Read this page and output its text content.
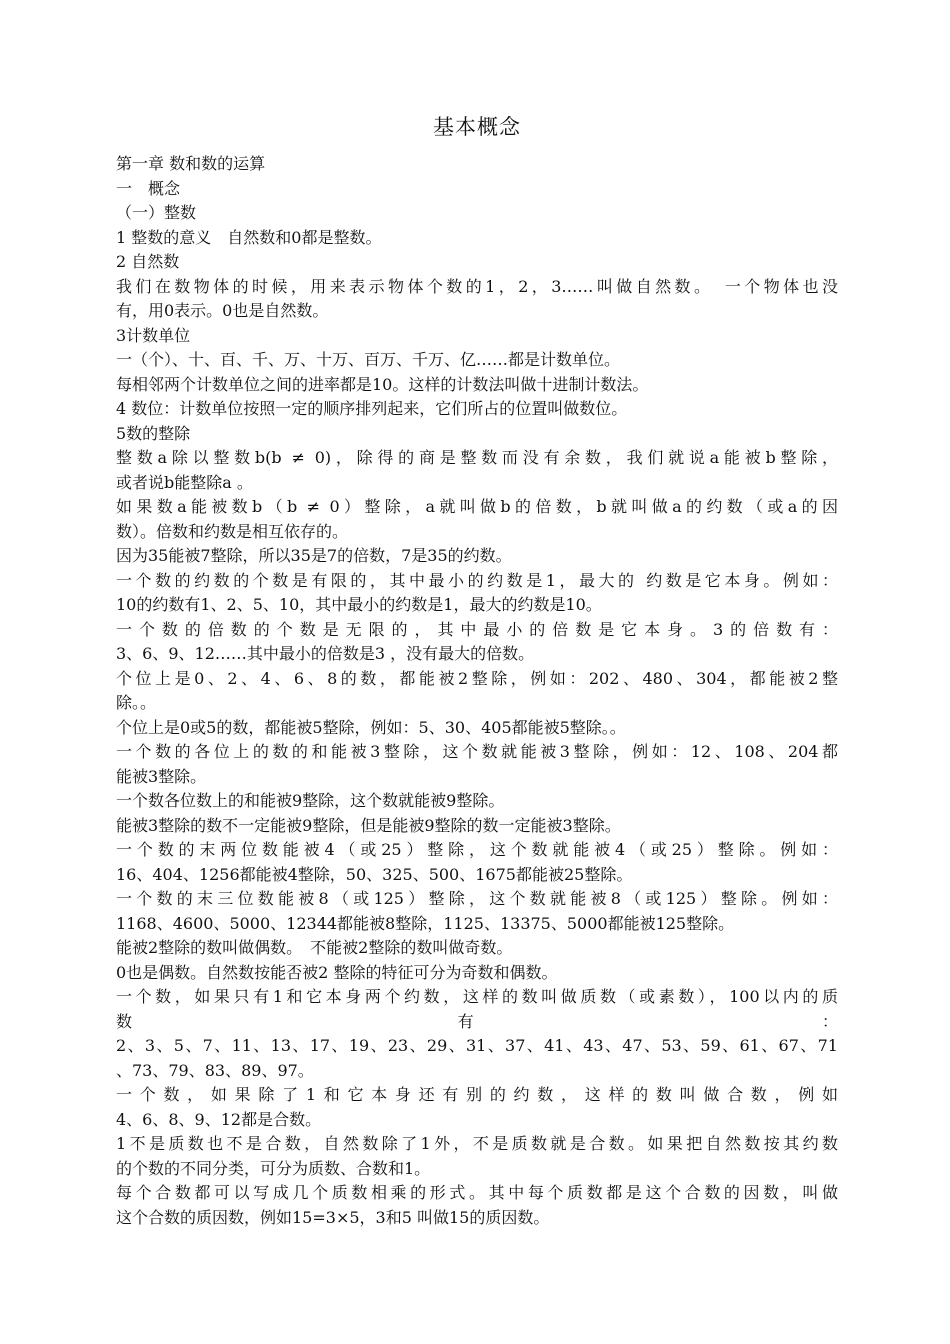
基本概念

第一章 数和数的运算

一　概念

（一）整数

1 整数的意义　自然数和0都是整数。

2 自然数

我们在数物体的时候，用来表示物体个数的1，2，3……叫做自然数。　一个物体也没

有，用0表示。0也是自然数。

3计数单位

一（个）、十、百、千、万、十万、百万、千万、亿……都是计数单位。

每相邻两个计数单位之间的进率都是10。这样的计数法叫做十进制计数法。

4 数位：计数单位按照一定的顺序排列起来，它们所占的位置叫做数位。

5数的整除

整数a除以整数b(b ≠ 0)，除得的商是整数而没有余数，我们就说a能被b整除，

或者说b能整除a 。

如果数a能被数b（b ≠ 0）整除，a就叫做b的倍数，b就叫做a的约数（或a的因

数）。倍数和约数是相互依存的。

因为35能被7整除，所以35是7的倍数，7是35的约数。

一个数的约数的个数是有限的，其中最小的约数是1，最大的 约数是它本身。例如：

10的约数有1、2、5、10，其中最小的约数是1，最大的约数是10。

一个数的倍数的个数是无限的，其中最小的倍数是它本身。3的倍数有：

3、6、9、12……其中最小的倍数是3 ，没有最大的倍数。

个位上是0、2、4、6、8的数，都能被2整除，例如：202、480、304，都能被2整

除。。

个位上是0或5的数，都能被5整除，例如：5、30、405都能被5整除。。

一个数的各位上的数的和能被3整除，这个数就能被3整除，例如：12、108、204都

能被3整除。

一个数各位数上的和能被9整除，这个数就能被9整除。

能被3整除的数不一定能被9整除，但是能被9整除的数一定能被3整除。

一个数的末两位数能被4（或25）整除，这个数就能被4（或25）整除。例如：

16、404、1256都能被4整除，50、325、500、1675都能被25整除。

一个数的末三位数能被8（或125）整除，这个数就能被8（或125）整除。例如：

1168、4600、5000、12344都能被8整除，1125、13375、5000都能被125整除。

能被2整除的数叫做偶数。　不能被2整除的数叫做奇数。

0也是偶数。自然数按能否被2 整除的特征可分为奇数和偶数。

一个数，如果只有1和它本身两个约数，这样的数叫做质数（或素数），100以内的质

数　　　　　　　　　　　　　　有　　　　　　　　　　　　　　　：

2、3、5、7、11、13、17、19、23、29、31、37、41、43、47、53、59、61、67、71

、73、79、83、89、97。

一个数，如果除了1和它本身还有别的约数，这样的数叫做合数，例如

4、6、8、9、12都是合数。

1不是质数也不是合数，自然数除了1外，不是质数就是合数。如果把自然数按其约数

的个数的不同分类，可分为质数、合数和1。

每个合数都可以写成几个质数相乘的形式。其中每个质数都是这个合数的因数，叫做

这个合数的质因数，例如15=3×5，3和5 叫做15的质因数。
